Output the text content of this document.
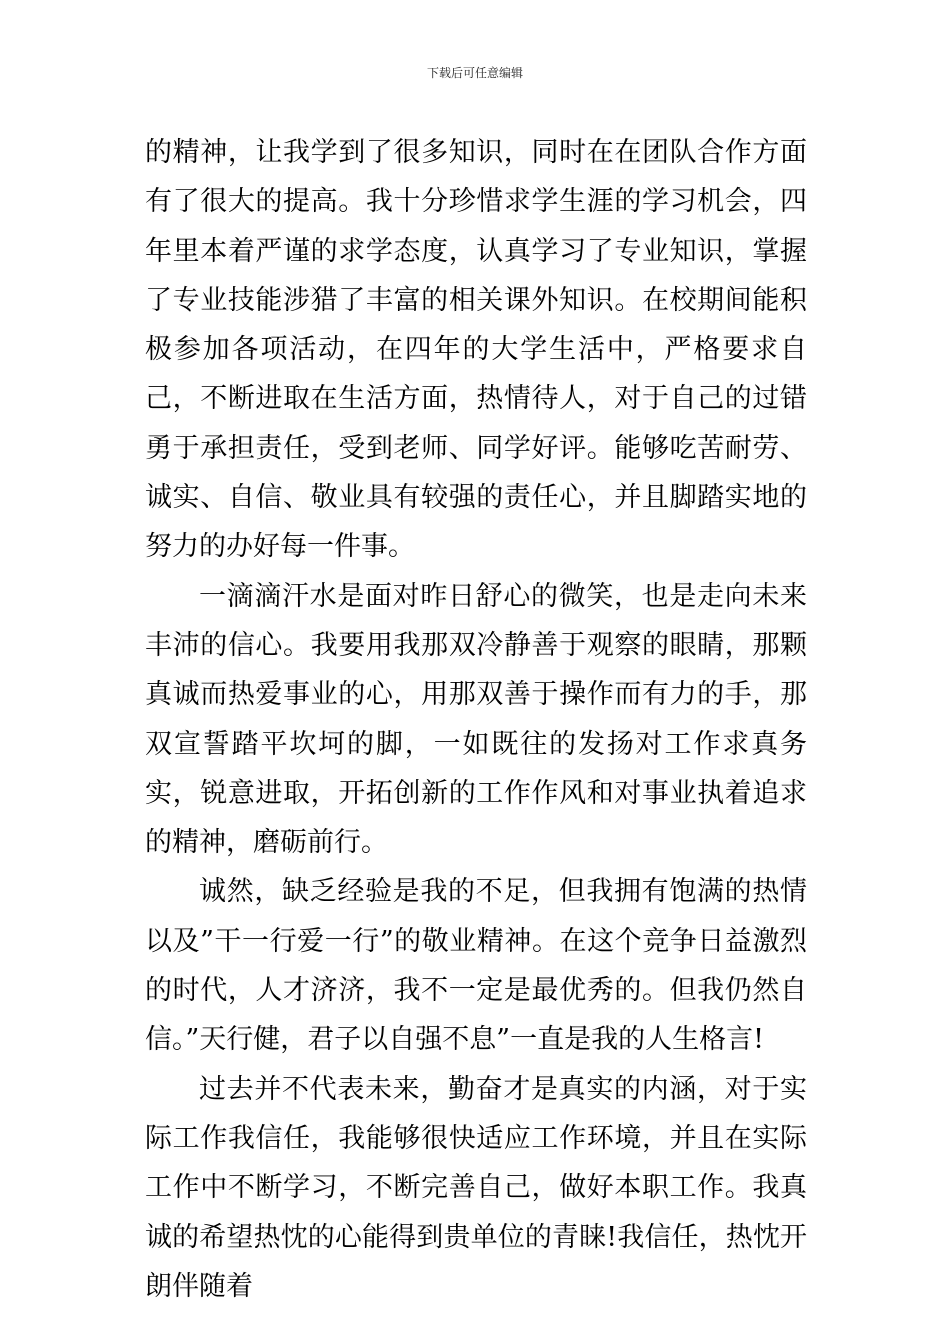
下载后可任意编辑

的精神，让我学到了很多知识，同时在在团队合作方面有了很大的提高。我十分珍惜求学生涯的学习机会，四年里本着严谨的求学态度，认真学习了专业知识，掌握了专业技能涉猎了丰富的相关课外知识。在校期间能积极参加各项活动，在四年的大学生活中，严格要求自己，不断进取在生活方面，热情待人，对于自己的过错勇于承担责任，受到老师、同学好评。能够吃苦耐劳、诚实、自信、敬业具有较强的责任心，并且脚踏实地的努力的办好每一件事。

一滴滴汗水是面对昨日舒心的微笑，也是走向未来丰沛的信心。我要用我那双冷静善于观察的眼睛，那颗真诚而热爱事业的心，用那双善于操作而有力的手，那双宣誓踏平坎坷的脚，一如既往的发扬对工作求真务实，锐意进取，开拓创新的工作作风和对事业执着追求的精神，磨砺前行。

诚然，缺乏经验是我的不足，但我拥有饱满的热情以及”干一行爱一行”的敬业精神。在这个竞争日益激烈的时代，人才济济，我不一定是最优秀的。但我仍然自信。”天行健，君子以自强不息”一直是我的人生格言!

过去并不代表未来，勤奋才是真实的内涵，对于实际工作我信任，我能够很快适应工作环境，并且在实际工作中不断学习，不断完善自己，做好本职工作。我真诚的希望热忱的心能得到贵单位的青睐!我信任，热忱开朗伴随着
